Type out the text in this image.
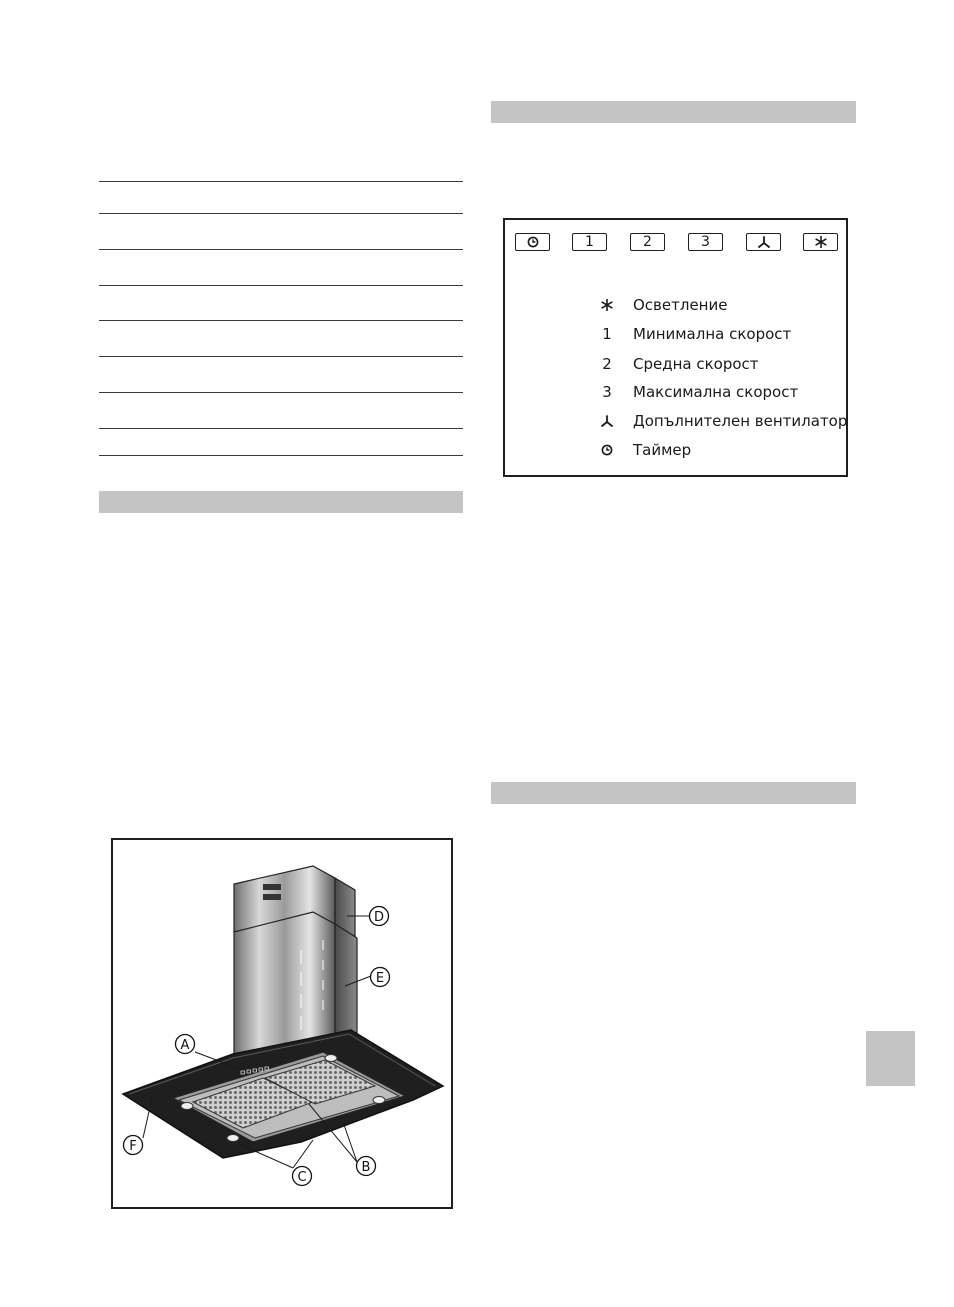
1	2	3
Осветление
1	Минимална скорост
2	Средна скорост
3	Максимална скорост
Допълнителен вентилатор
Таймер
A
D
E
F
B
C
